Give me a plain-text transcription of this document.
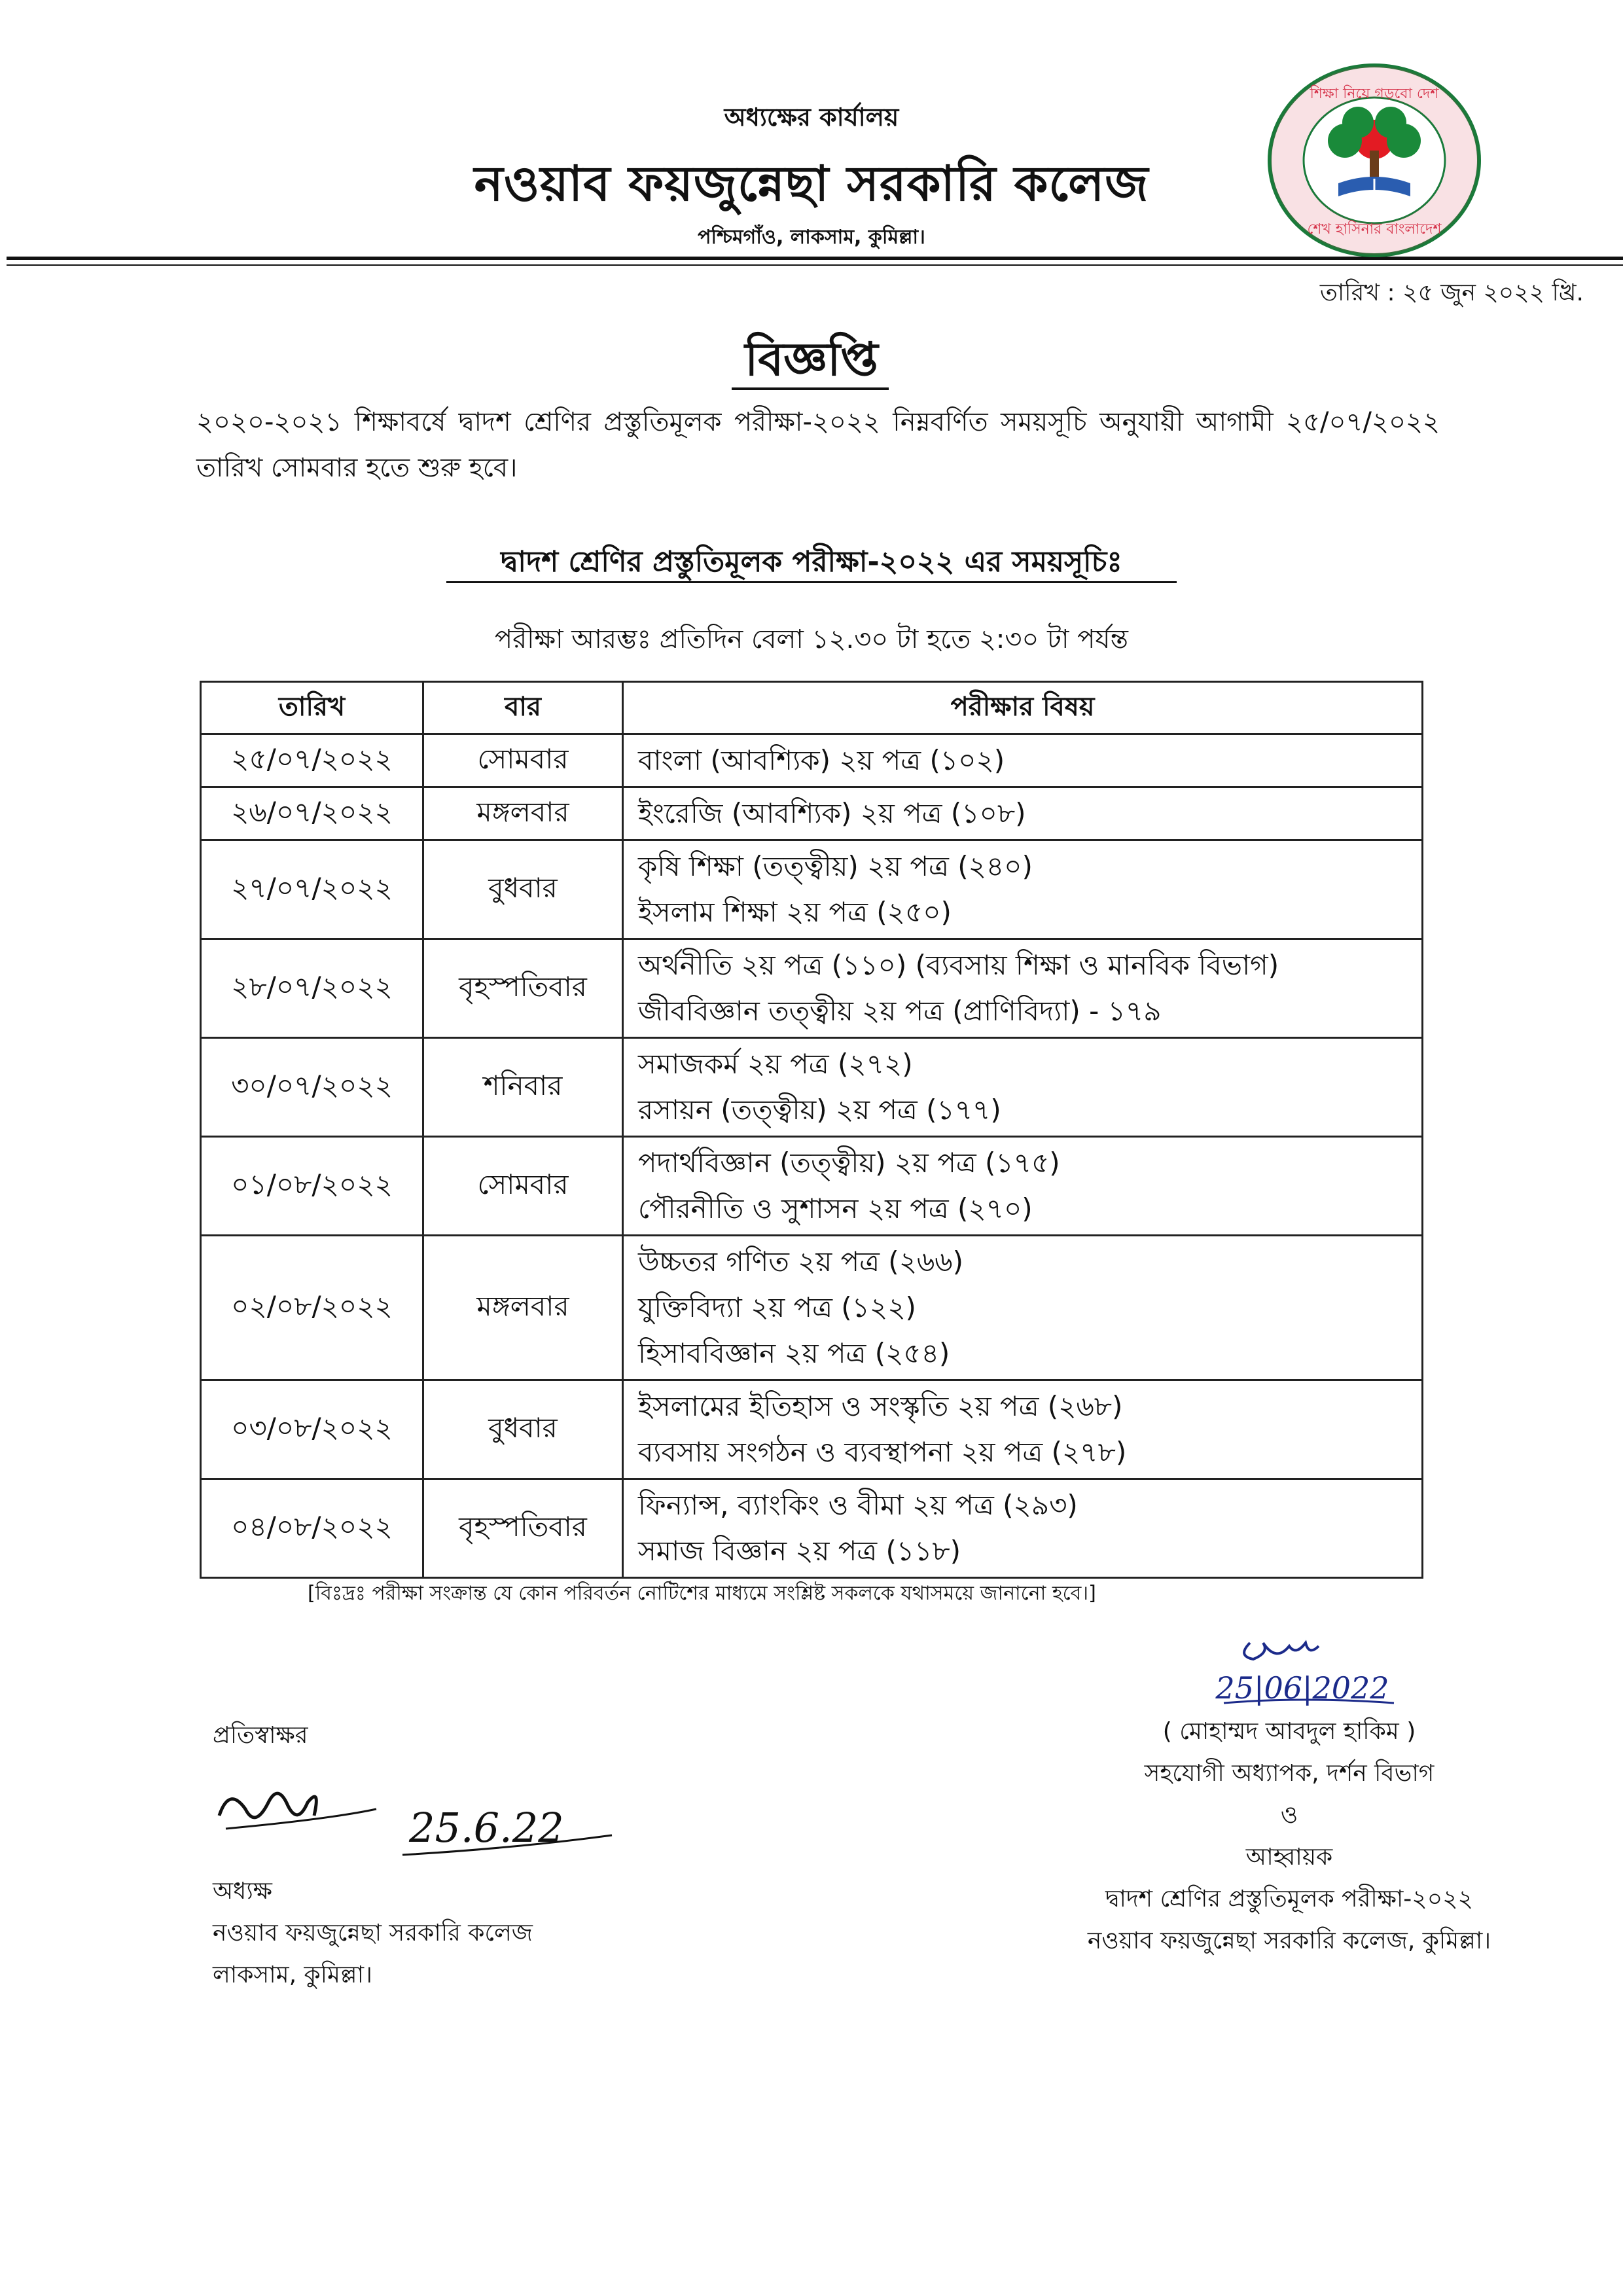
অধ্যক্ষের কার্যালয়
নওয়াব ফয়জুন্নেছা সরকারি কলেজ
পশ্চিমগাঁও, লাকসাম, কুমিল্লা।
শিক্ষা নিয়ে গড়বো দেশ
শেখ হাসিনার বাংলাদেশ
তারিখ : ২৫ জুন ২০২২ খ্রি.
বিজ্ঞপ্তি
২০২০-২০২১ শিক্ষাবর্ষে দ্বাদশ শ্রেণির প্রস্তুতিমূলক পরীক্ষা-২০২২ নিম্নবর্ণিত সময়সূচি অনুযায়ী আগামী ২৫/০৭/২০২২ তারিখ সোমবার হতে শুরু হবে।
দ্বাদশ শ্রেণির প্রস্তুতিমূলক পরীক্ষা-২০২২ এর সময়সূচিঃ
পরীক্ষা আরম্ভঃ প্রতিদিন বেলা ১২.৩০ টা হতে ২:৩০ টা পর্যন্ত
তারিখ	বার	পরীক্ষার বিষয়
২৫/০৭/২০২২	সোমবার	বাংলা (আবশ্যিক) ২য় পত্র (১০২)

২৬/০৭/২০২২	মঙ্গলবার	ইংরেজি (আবশ্যিক) ২য় পত্র (১০৮)

২৭/০৭/২০২২	বুধবার	কৃষি শিক্ষা (তত্ত্বীয়) ২য় পত্র (২৪০)
ইসলাম শিক্ষা ২য় পত্র (২৫০)

২৮/০৭/২০২২	বৃহস্পতিবার	অর্থনীতি ২য় পত্র (১১০) (ব্যবসায় শিক্ষা ও মানবিক বিভাগ)
জীববিজ্ঞান তত্ত্বীয় ২য় পত্র (প্রাণিবিদ্যা) - ১৭৯

৩০/০৭/২০২২	শনিবার	সমাজকর্ম ২য় পত্র (২৭২)
রসায়ন (তত্ত্বীয়) ২য় পত্র (১৭৭)

০১/০৮/২০২২	সোমবার	পদার্থবিজ্ঞান (তত্ত্বীয়) ২য় পত্র (১৭৫)
পৌরনীতি ও সুশাসন ২য় পত্র (২৭০)

০২/০৮/২০২২	মঙ্গলবার	উচ্চতর গণিত ২য় পত্র (২৬৬)
যুক্তিবিদ্যা ২য় পত্র (১২২)
হিসাববিজ্ঞান ২য় পত্র (২৫৪)

০৩/০৮/২০২২	বুধবার	ইসলামের ইতিহাস ও সংস্কৃতি ২য় পত্র (২৬৮)
ব্যবসায় সংগঠন ও ব্যবস্থাপনা ২য় পত্র (২৭৮)

০৪/০৮/২০২২	বৃহস্পতিবার	ফিন্যান্স, ব্যাংকিং ও বীমা ২য় পত্র (২৯৩)
সমাজ বিজ্ঞান ২য় পত্র (১১৮)
[বিঃদ্রঃ পরীক্ষা সংক্রান্ত যে কোন পরিবর্তন নোটিশের মাধ্যমে সংশ্লিষ্ট সকলকে যথাসময়ে জানানো হবে।]
25|06|2022
( মোহাম্মদ আবদুল হাকিম )
সহযোগী অধ্যাপক, দর্শন বিভাগ
ও
আহ্বায়ক
দ্বাদশ শ্রেণির প্রস্তুতিমূলক পরীক্ষা-২০২২
নওয়াব ফয়জুন্নেছা সরকারি কলেজ, কুমিল্লা।
প্রতিস্বাক্ষর
25.6.22
অধ্যক্ষ
নওয়াব ফয়জুন্নেছা সরকারি কলেজ
লাকসাম, কুমিল্লা।
